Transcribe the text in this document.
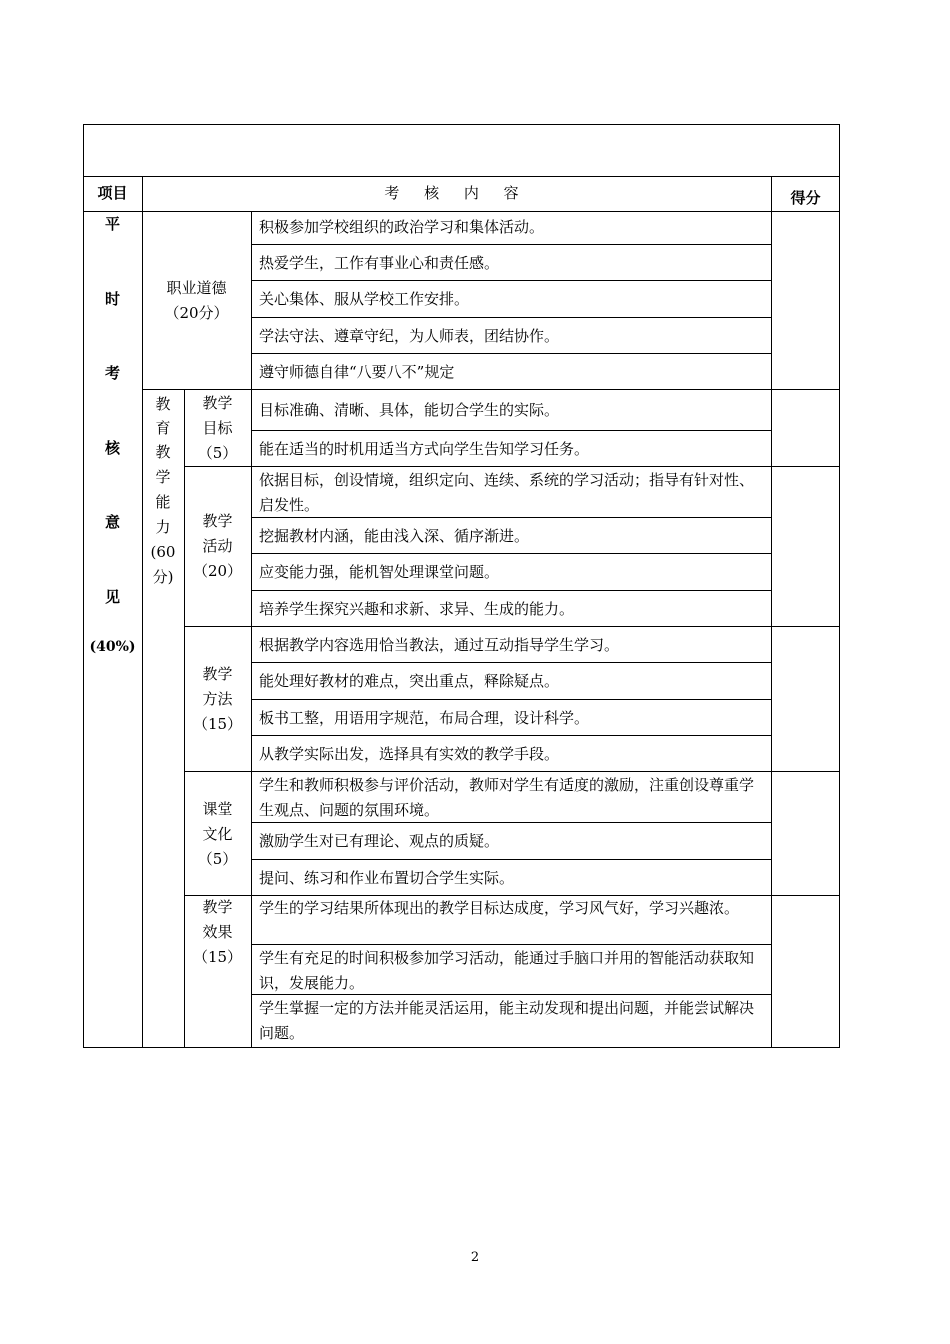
项目	考 核 内 容	得分
平
时
考
核
意
见
(40%)
职业道德
（20分）
积极参加学校组织的政治学习和集体活动。
热爱学生，工作有事业心和责任感。
关心集体、服从学校工作安排。
学法守法、遵章守纪，为人师表，团结协作。
遵守师德自律“八要八不”规定
教
育
教
学
能
力
(60
分)
教学
目标
（5）
目标准确、清晰、具体，能切合学生的实际。
能在适当的时机用适当方式向学生告知学习任务。
教学
活动
（20）
依据目标，创设情境，组织定向、连续、系统的学习活动；指导有针对性、启发性。
挖掘教材内涵，能由浅入深、循序渐进。
应变能力强，能机智处理课堂问题。
培养学生探究兴趣和求新、求异、生成的能力。
教学
方法
（15）
根据教学内容选用恰当教法，通过互动指导学生学习。
能处理好教材的难点，突出重点，释除疑点。
板书工整，用语用字规范，布局合理，设计科学。
从教学实际出发，选择具有实效的教学手段。
课堂
文化
（5）
学生和教师积极参与评价活动，教师对学生有适度的激励，注重创设尊重学生观点、问题的氛围环境。
激励学生对已有理论、观点的质疑。
提问、练习和作业布置切合学生实际。
教学
效果
（15）
学生的学习结果所体现出的教学目标达成度，学习风气好，学习兴趣浓。
学生有充足的时间积极参加学习活动，能通过手脑口并用的智能活动获取知识，发展能力。
学生掌握一定的方法并能灵活运用，能主动发现和提出问题，并能尝试解决问题。
2
